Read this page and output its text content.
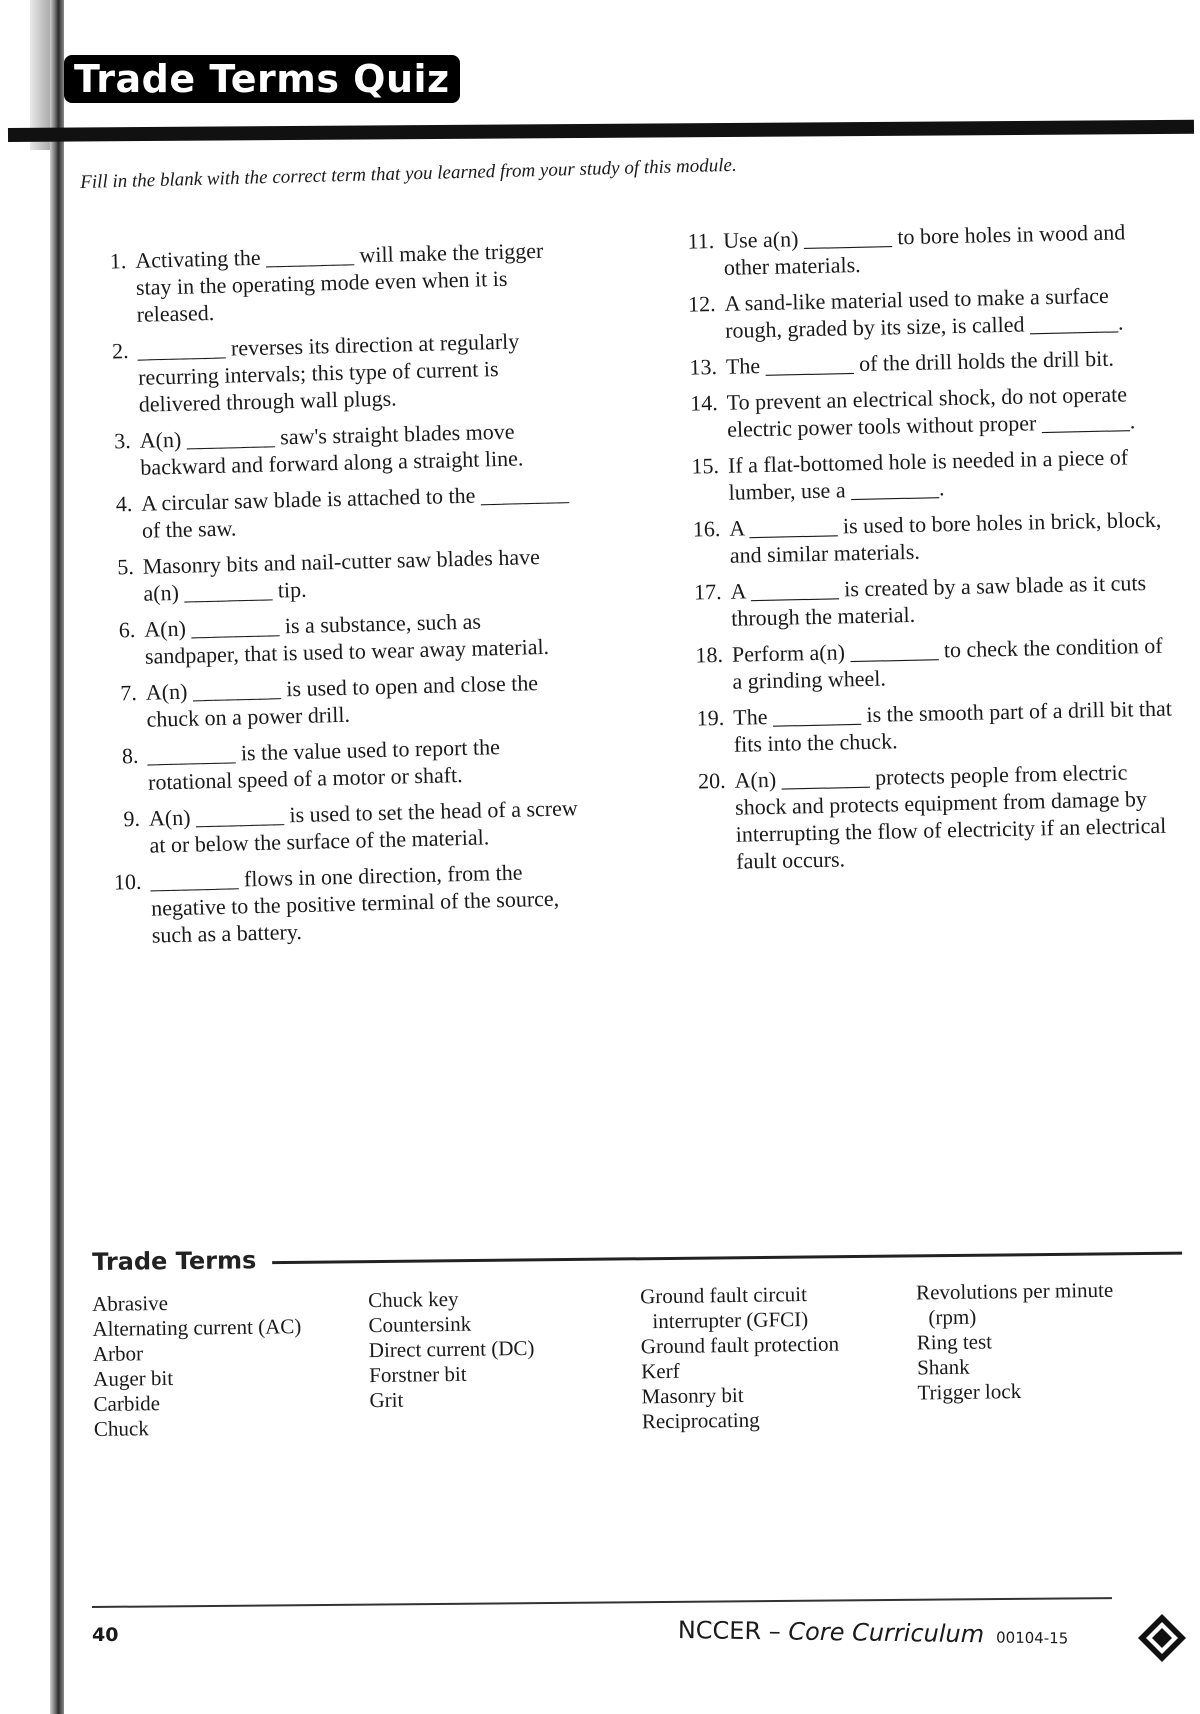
Trade Terms Quiz
Fill in the blank with the correct term that you learned from your study of this module.
1. Activating the ________ will make the trigger stay in the operating mode even when it is released.
2. ________ reverses its direction at regularly recurring intervals; this type of current is delivered through wall plugs.
3. A(n) ________ saw's straight blades move backward and forward along a straight line.
4. A circular saw blade is attached to the ________ of the saw.
5. Masonry bits and nail-cutter saw blades have a(n) ________ tip.
6. A(n) ________ is a substance, such as sandpaper, that is used to wear away material.
7. A(n) ________ is used to open and close the chuck on a power drill.
8. ________ is the value used to report the rotational speed of a motor or shaft.
9. A(n) ________ is used to set the head of a screw at or below the surface of the material.
10. ________ flows in one direction, from the negative to the positive terminal of the source, such as a battery.
11. Use a(n) ________ to bore holes in wood and other materials.
12. A sand-like material used to make a surface rough, graded by its size, is called ________.
13. The ________ of the drill holds the drill bit.
14. To prevent an electrical shock, do not operate electric power tools without proper ________.
15. If a flat-bottomed hole is needed in a piece of lumber, use a ________.
16. A ________ is used to bore holes in brick, block, and similar materials.
17. A ________ is created by a saw blade as it cuts through the material.
18. Perform a(n) ________ to check the condition of a grinding wheel.
19. The ________ is the smooth part of a drill bit that fits into the chuck.
20. A(n) ________ protects people from electric shock and protects equipment from damage by interrupting the flow of electricity if an electrical fault occurs.
Trade Terms
Abrasive
Alternating current (AC)
Arbor
Auger bit
Carbide
Chuck
Chuck key
Countersink
Direct current (DC)
Forstner bit
Grit
Ground fault circuit
interrupter (GFCI)
Ground fault protection
Kerf
Masonry bit
Reciprocating
Revolutions per minute
(rpm)
Ring test
Shank
Trigger lock
40	NCCER – Core Curriculum 00104-15
